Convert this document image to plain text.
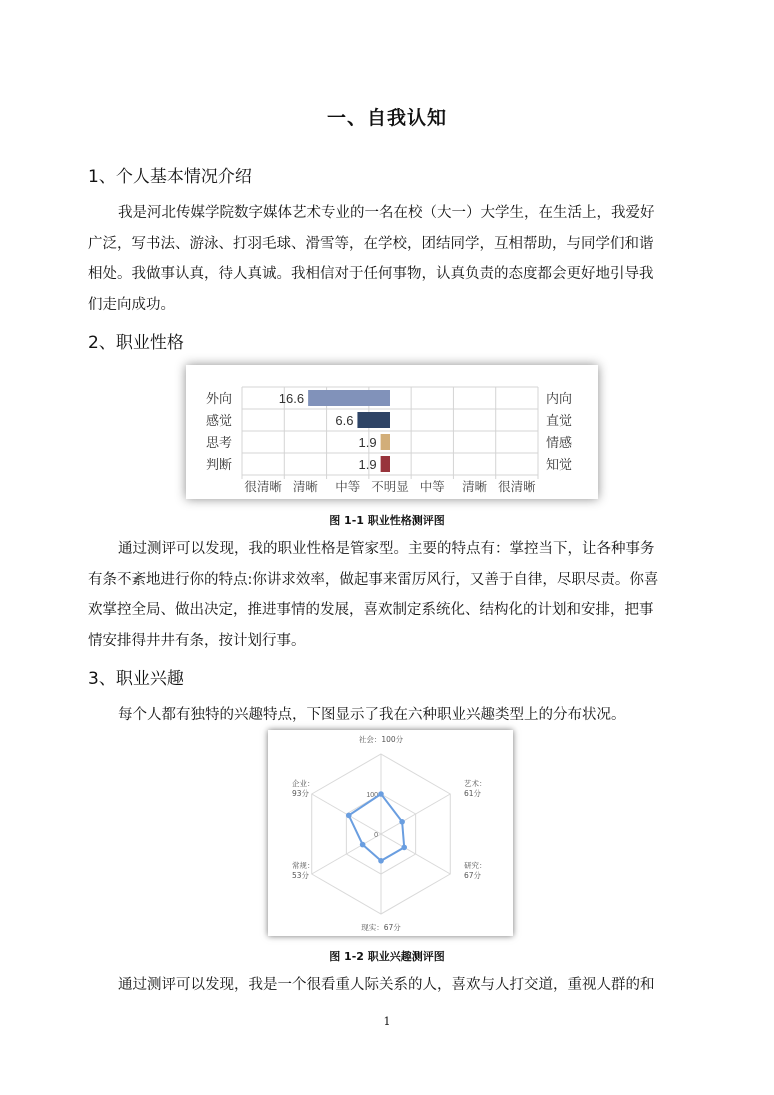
一、自我认知
1、个人基本情况介绍
我是河北传媒学院数字媒体艺术专业的一名在校（大一）大学生，在生活上，我爱好
广泛，写书法、游泳、打羽毛球、滑雪等，在学校，团结同学，互相帮助，与同学们和谐
相处。我做事认真，待人真诚。我相信对于任何事物，认真负责的态度都会更好地引导我
们走向成功。
2、职业性格
16.6
外向	内向
6.6
感觉	直觉
1.9
思考	情感
1.9
判断	知觉
很清晰 清晰 中等 不明显 中等 清晰 很清晰
图 1-1 职业性格测评图
通过测评可以发现，我的职业性格是管家型。主要的特点有：掌控当下，让各种事务
有条不紊地进行你的特点:你讲求效率，做起事来雷厉风行，又善于自律，尽职尽责。你喜
欢掌控全局、做出决定，推进事情的发展，喜欢制定系统化、结构化的计划和安排，把事
情安排得井井有条，按计划行事。
3、职业兴趣
每个人都有独特的兴趣特点，下图显示了我在六种职业兴趣类型上的分布状况。
100
0
社会：100分
艺术： 61分
研究： 67分
现实：67分
常规： 53分
企业： 93分
图 1-2 职业兴趣测评图
通过测评可以发现，我是一个很看重人际关系的人，喜欢与人打交道，重视人群的和
1
